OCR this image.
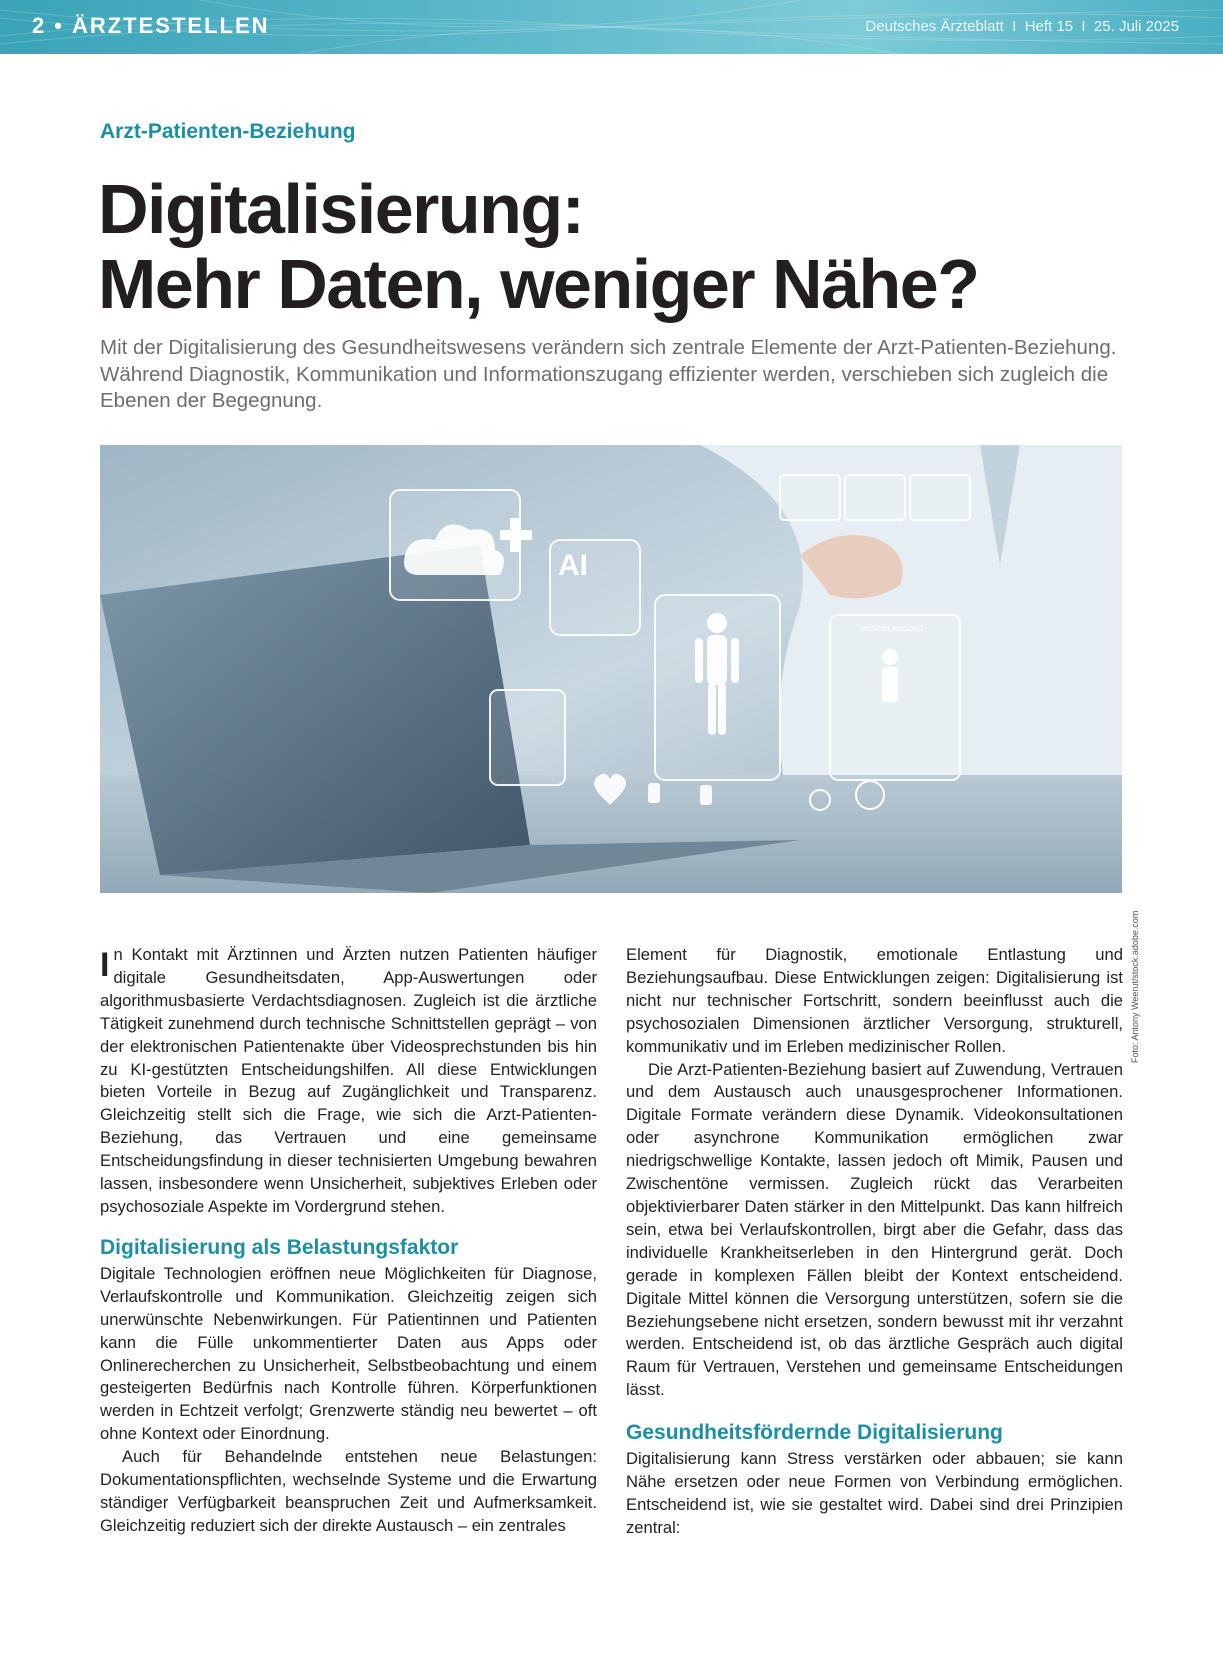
2 • ÄRZTESTELLEN	Deutsches Ärzteblatt I Heft 15 I 25. Juli 2025
Arzt-Patienten-Beziehung
Digitalisierung:
Mehr Daten, weniger Nähe?
Mit der Digitalisierung des Gesundheitswesens verändern sich zentrale Elemente der Arzt-Patienten-Beziehung. Während Diagnostik, Kommunikation und Informationszugang effizienter werden, verschieben sich zugleich die Ebenen der Begegnung.
AI
MEDICAL RECORD
Foto: Antony Weerut/stock.adobe.com

In Kontakt mit Ärztinnen und Ärzten nutzen Patienten häufiger digitale Gesundheitsdaten, App-Auswertungen oder algorithmusbasierte Verdachtsdiagnosen. Zugleich ist die ärztliche Tätigkeit zunehmend durch technische Schnittstellen geprägt – von der elektronischen Patientenakte über Videosprechstunden bis hin zu KI-gestützten Entscheidungshilfen. All diese Entwicklungen bieten Vorteile in Bezug auf Zugänglichkeit und Transparenz. Gleichzeitig stellt sich die Frage, wie sich die Arzt-Patienten-Beziehung, das Vertrauen und eine gemeinsame Entscheidungsfindung in dieser technisierten Umgebung bewahren lassen, insbesondere wenn Unsicherheit, subjektives Erleben oder psychosoziale Aspekte im Vordergrund stehen.

Digitalisierung als Belastungsfaktor

Digitale Technologien eröffnen neue Möglichkeiten für Diagnose, Verlaufskontrolle und Kommunikation. Gleichzeitig zeigen sich unerwünschte Nebenwirkungen. Für Patientinnen und Patienten kann die Fülle unkommentierter Daten aus Apps oder Onlinerecherchen zu Unsicherheit, Selbstbeobachtung und einem gesteigerten Bedürfnis nach Kontrolle führen. Körperfunktionen werden in Echtzeit verfolgt; Grenzwerte ständig neu bewertet – oft ohne Kontext oder Einordnung.

Auch für Behandelnde entstehen neue Belastungen: Dokumentationspflichten, wechselnde Systeme und die Erwartung ständiger Verfügbarkeit beanspruchen Zeit und Aufmerksamkeit. Gleichzeitig reduziert sich der direkte Austausch – ein zentrales

Element für Diagnostik, emotionale Entlastung und Beziehungsaufbau. Diese Entwicklungen zeigen: Digitalisierung ist nicht nur technischer Fortschritt, sondern beeinflusst auch die psychosozialen Dimensionen ärztlicher Versorgung, strukturell, kommunikativ und im Erleben medizinischer Rollen.

Die Arzt-Patienten-Beziehung basiert auf Zuwendung, Vertrauen und dem Austausch auch unausgesprochener Informationen. Digitale Formate verändern diese Dynamik. Videokonsultationen oder asynchrone Kommunikation ermöglichen zwar niedrigschwellige Kontakte, lassen jedoch oft Mimik, Pausen und Zwischentöne vermissen. Zugleich rückt das Verarbeiten objektivierbarer Daten stärker in den Mittelpunkt. Das kann hilfreich sein, etwa bei Verlaufskontrollen, birgt aber die Gefahr, dass das individuelle Krankheitserleben in den Hintergrund gerät. Doch gerade in komplexen Fällen bleibt der Kontext entscheidend. Digitale Mittel können die Versorgung unterstützen, sofern sie die Beziehungsebene nicht ersetzen, sondern bewusst mit ihr verzahnt werden. Entscheidend ist, ob das ärztliche Gespräch auch digital Raum für Vertrauen, Verstehen und gemeinsame Entscheidungen lässt.

Gesundheitsfördernde Digitalisierung

Digitalisierung kann Stress verstärken oder abbauen; sie kann Nähe ersetzen oder neue Formen von Verbindung ermöglichen. Entscheidend ist, wie sie gestaltet wird. Dabei sind drei Prinzipien zentral:
